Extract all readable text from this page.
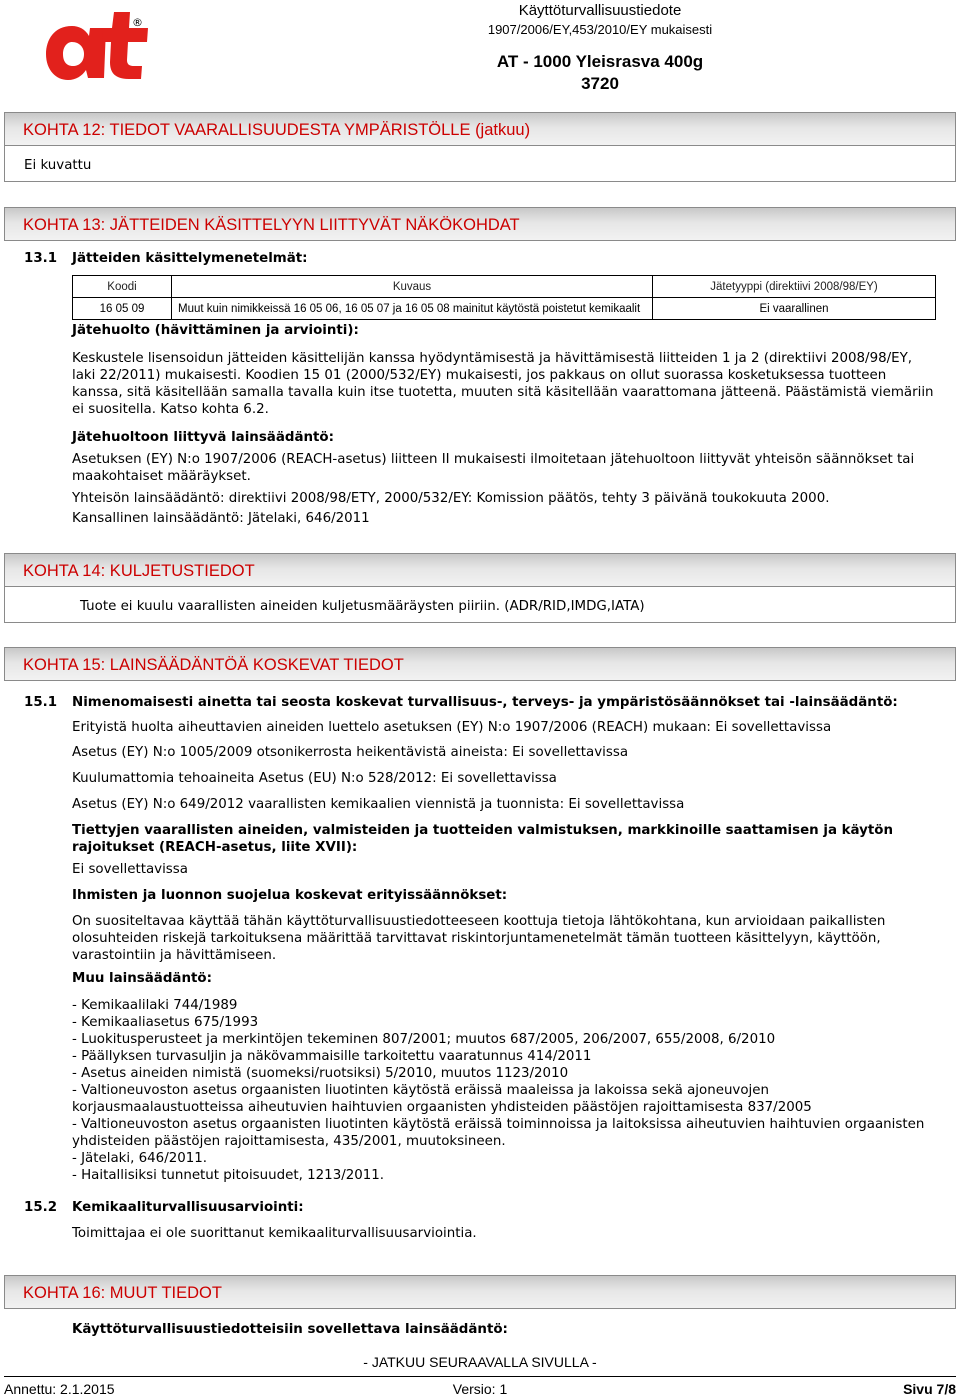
®
Käyttöturvallisuustiedote
1907/2006/EY,453/2010/EY mukaisesti
AT - 1000 Yleisrasva 400g
3720
KOHTA 12: TIEDOT VAARALLISUUDESTA YMPÄRISTÖLLE (jatkuu)
Ei kuvattu
KOHTA 13: JÄTTEIDEN KÄSITTELYYN LIITTYVÄT NÄKÖKOHDAT
13.1 Jätteiden käsittelymenetelmät:
Koodi	Kuvaus	Jätetyyppi (direktiivi 2008/98/EY)
16 05 09	Muut kuin nimikkeissä 16 05 06, 16 05 07 ja 16 05 08 mainitut käytöstä poistetut kemikaalit	Ei vaarallinen
Jätehuolto (hävittäminen ja arviointi):
Keskustele lisensoidun jätteiden käsittelijän kanssa hyödyntämisestä ja hävittämisestä liitteiden 1 ja 2 (direktiivi 2008/98/EY, laki 22/2011) mukaisesti. Koodien 15 01 (2000/532/EY) mukaisesti, jos pakkaus on ollut suorassa kosketuksessa tuotteen kanssa, sitä käsitellään samalla tavalla kuin itse tuotetta, muuten sitä käsitellään vaarattomana jätteenä. Päästämistä viemäriin ei suositella. Katso kohta 6.2.
Jätehuoltoon liittyvä lainsäädäntö:
Asetuksen (EY) N:o 1907/2006 (REACH-asetus) liitteen II mukaisesti ilmoitetaan jätehuoltoon liittyvät yhteisön säännökset tai maakohtaiset määräykset.
Yhteisön lainsäädäntö: direktiivi 2008/98/ETY, 2000/532/EY: Komission päätös, tehty 3 päivänä toukokuuta 2000.
Kansallinen lainsäädäntö: Jätelaki, 646/2011
KOHTA 14: KULJETUSTIEDOT
Tuote ei kuulu vaarallisten aineiden kuljetusmääräysten piiriin. (ADR/RID,IMDG,IATA)
KOHTA 15: LAINSÄÄDÄNTÖÄ KOSKEVAT TIEDOT
15.1 Nimenomaisesti ainetta tai seosta koskevat turvallisuus-, terveys- ja ympäristösäännökset tai -lainsäädäntö:
Erityistä huolta aiheuttavien aineiden luettelo asetuksen (EY) N:o 1907/2006 (REACH) mukaan: Ei sovellettavissa
Asetus (EY) N:o 1005/2009 otsonikerrosta heikentävistä aineista: Ei sovellettavissa
Kuulumattomia tehoaineita Asetus (EU) N:o 528/2012: Ei sovellettavissa
Asetus (EY) N:o 649/2012 vaarallisten kemikaalien viennistä ja tuonnista: Ei sovellettavissa
Tiettyjen vaarallisten aineiden, valmisteiden ja tuotteiden valmistuksen, markkinoille saattamisen ja käytön rajoitukset (REACH-asetus, liite XVII):
Ei sovellettavissa
Ihmisten ja luonnon suojelua koskevat erityissäännökset:
On suositeltavaa käyttää tähän käyttöturvallisuustiedotteeseen koottuja tietoja lähtökohtana, kun arvioidaan paikallisten olosuhteiden riskejä tarkoituksena määrittää tarvittavat riskintorjuntamenetelmät tämän tuotteen käsittelyyn, käyttöön, varastointiin ja hävittämiseen.
Muu lainsäädäntö:
- Kemikaalilaki 744/1989
- Kemikaaliasetus 675/1993
- Luokitusperusteet ja merkintöjen tekeminen 807/2001; muutos 687/2005, 206/2007, 655/2008, 6/2010
- Päällyksen turvasuljin ja näkövammaisille tarkoitettu vaaratunnus 414/2011
- Asetus aineiden nimistä (suomeksi/ruotsiksi) 5/2010, muutos 1123/2010
- Valtioneuvoston asetus orgaanisten liuotinten käytöstä eräissä maaleissa ja lakoissa sekä ajoneuvojen korjausmaalaustuotteissa aiheutuvien haihtuvien orgaanisten yhdisteiden päästöjen rajoittamisesta 837/2005
- Valtioneuvoston asetus orgaanisten liuotinten käytöstä eräissä toiminnoissa ja laitoksissa aiheutuvien haihtuvien orgaanisten yhdisteiden päästöjen rajoittamisesta, 435/2001, muutoksineen.
- Jätelaki, 646/2011.
- Haitallisiksi tunnetut pitoisuudet, 1213/2011.
15.2 Kemikaaliturvallisuusarviointi:
Toimittajaa ei ole suorittanut kemikaaliturvallisuusarviointia.
KOHTA 16: MUUT TIEDOT
Käyttöturvallisuustiedotteisiin sovellettava lainsäädäntö:
- JATKUU SEURAAVALLA SIVULLA -
Annettu: 2.1.2015	Versio: 1	Sivu 7/8
